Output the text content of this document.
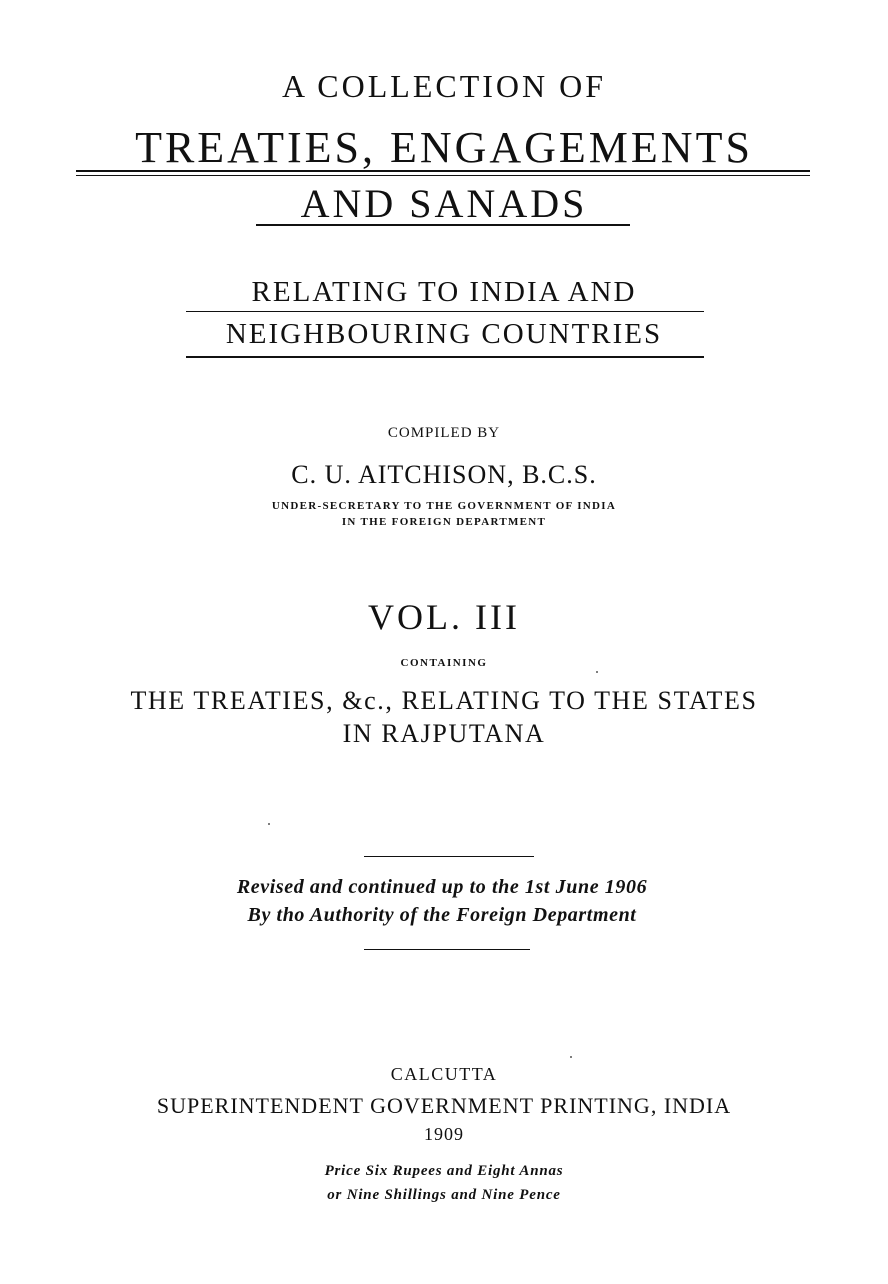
A COLLECTION OF
TREATIES, ENGAGEMENTS
AND SANADS
RELATING TO INDIA AND
NEIGHBOURING COUNTRIES
COMPILED BY
C. U. AITCHISON, B.C.S.
UNDER-SECRETARY TO THE GOVERNMENT OF INDIA
IN THE FOREIGN DEPARTMENT
VOL. III
CONTAINING
THE TREATIES, &c., RELATING TO THE STATES
IN RAJPUTANA
Revised and continued up to the 1st June 1906
By tho Authority of the Foreign Department
CALCUTTA
SUPERINTENDENT GOVERNMENT PRINTING, INDIA
1909
Price Six Rupees and Eight Annas
or Nine Shillings and Nine Pence
